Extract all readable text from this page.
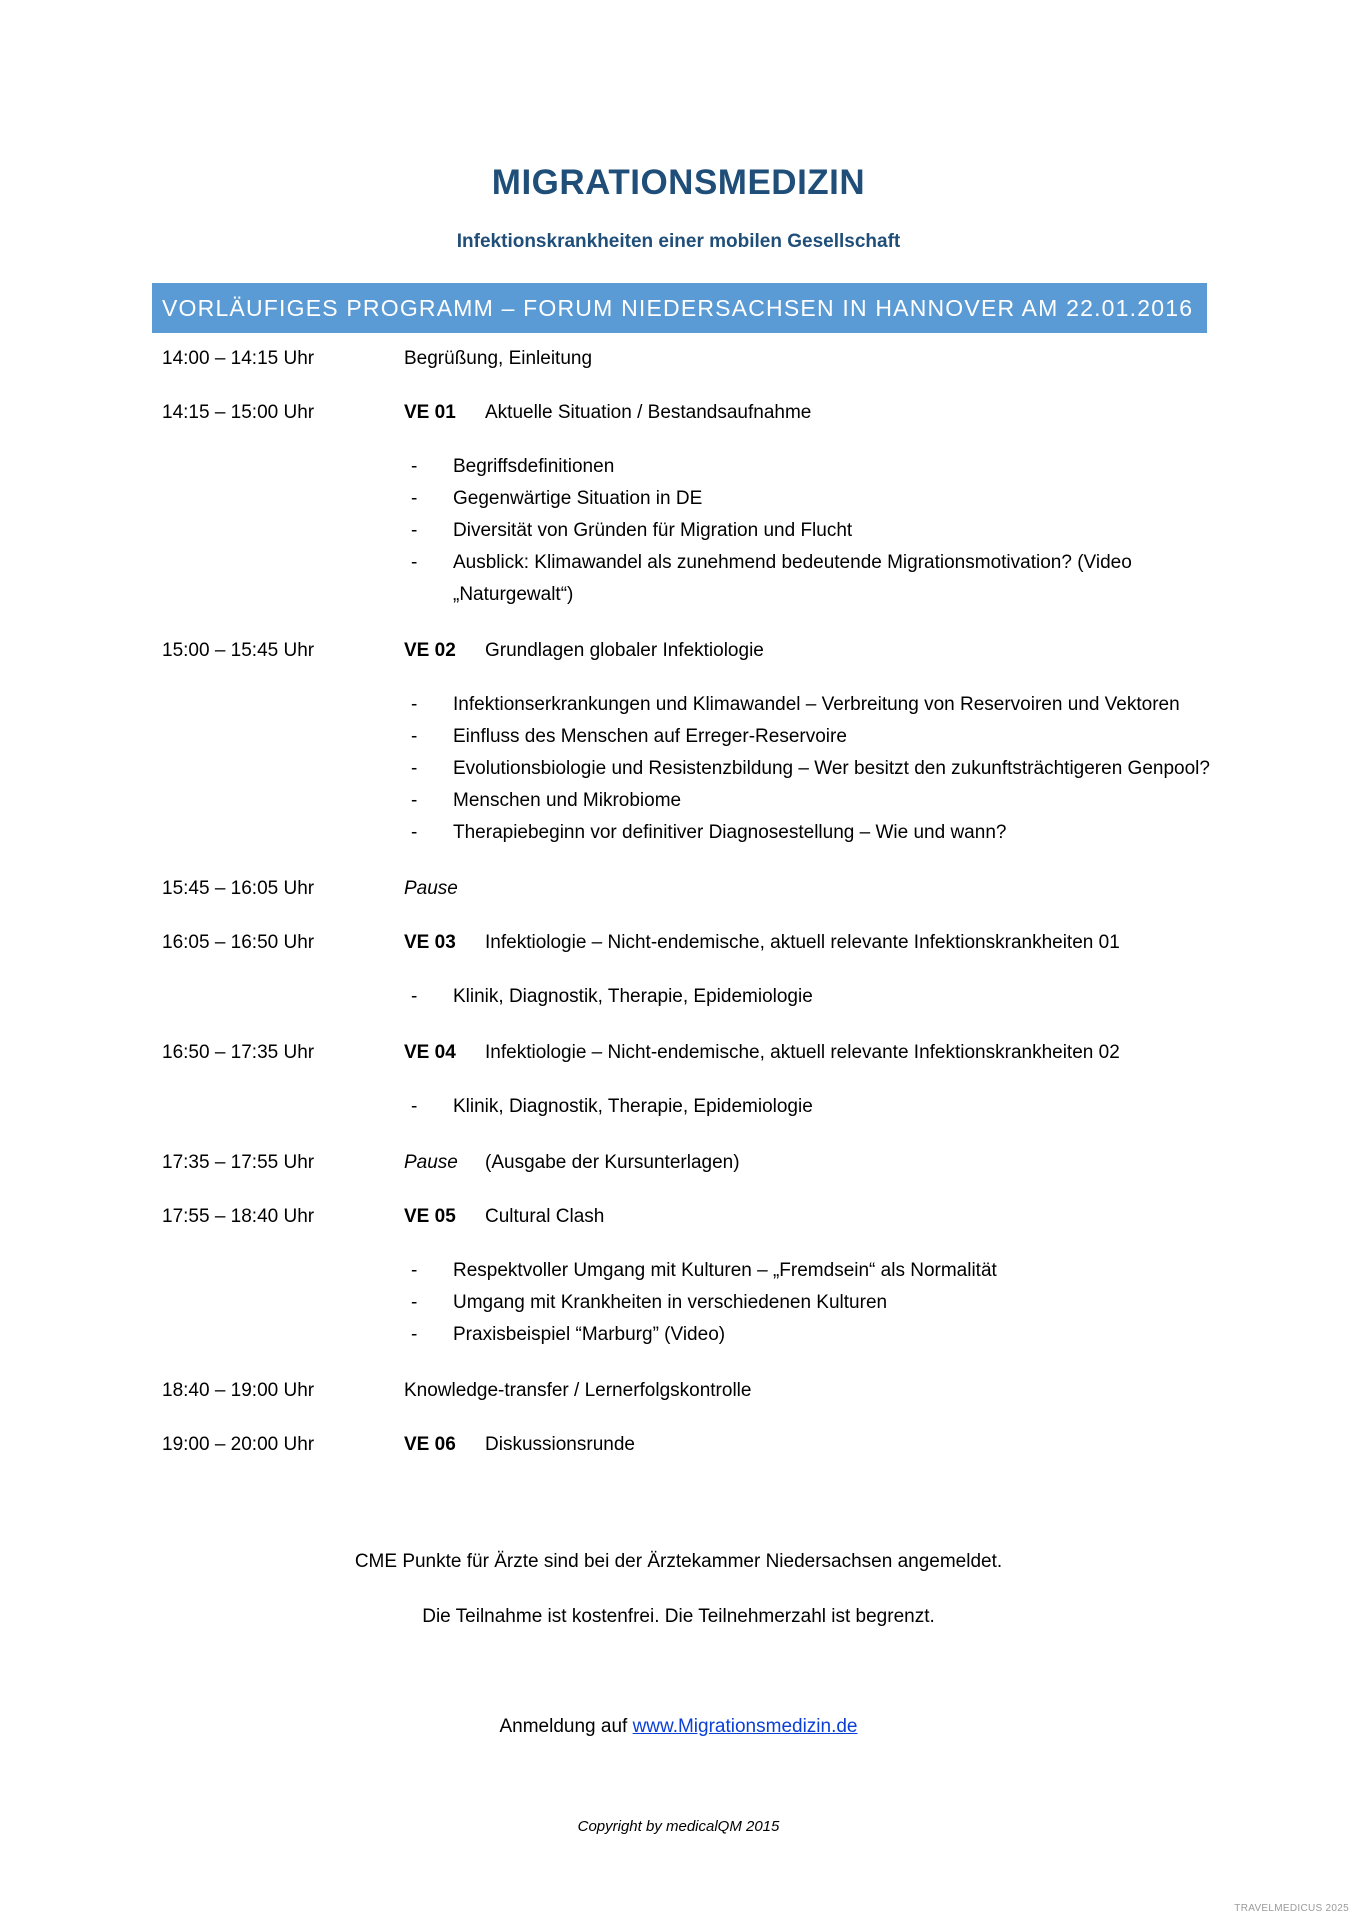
MIGRATIONSMEDIZIN
Infektionskrankheiten einer mobilen Gesellschaft
VORLÄUFIGES PROGRAMM – FORUM NIEDERSACHSEN IN HANNOVER AM 22.01.2016
14:00 – 14:15 Uhr	Begrüßung, Einleitung
14:15 – 15:00 Uhr	VE 01 Aktuelle Situation / Bestandsaufnahme
- Begriffsdefinitionen
- Gegenwärtige Situation in DE
- Diversität von Gründen für Migration und Flucht
- Ausblick: Klimawandel als zunehmend bedeutende Migrationsmotivation? (Video „Naturgewalt“)
15:00 – 15:45 Uhr	VE 02 Grundlagen globaler Infektiologie
- Infektionserkrankungen und Klimawandel – Verbreitung von Reservoiren und Vektoren
- Einfluss des Menschen auf Erreger-Reservoire
- Evolutionsbiologie und Resistenzbildung – Wer besitzt den zukunftsträchtigeren Genpool?
- Menschen und Mikrobiome
- Therapiebeginn vor definitiver Diagnosestellung – Wie und wann?
15:45 – 16:05 Uhr	Pause
16:05 – 16:50 Uhr	VE 03 Infektiologie – Nicht-endemische, aktuell relevante Infektionskrankheiten 01
- Klinik, Diagnostik, Therapie, Epidemiologie
16:50 – 17:35 Uhr	VE 04 Infektiologie – Nicht-endemische, aktuell relevante Infektionskrankheiten 02
- Klinik, Diagnostik, Therapie, Epidemiologie
17:35 – 17:55 Uhr	Pause (Ausgabe der Kursunterlagen)
17:55 – 18:40 Uhr	VE 05 Cultural Clash
- Respektvoller Umgang mit Kulturen – „Fremdsein“ als Normalität
- Umgang mit Krankheiten in verschiedenen Kulturen
- Praxisbeispiel “Marburg” (Video)
18:40 – 19:00 Uhr	Knowledge-transfer / Lernerfolgskontrolle
19:00 – 20:00 Uhr	VE 06 Diskussionsrunde
CME Punkte für Ärzte sind bei der Ärztekammer Niedersachsen angemeldet.
Die Teilnahme ist kostenfrei. Die Teilnehmerzahl ist begrenzt.
Anmeldung auf www.Migrationsmedizin.de
Copyright by medicalQM 2015
TRAVELMEDICUS 2025
